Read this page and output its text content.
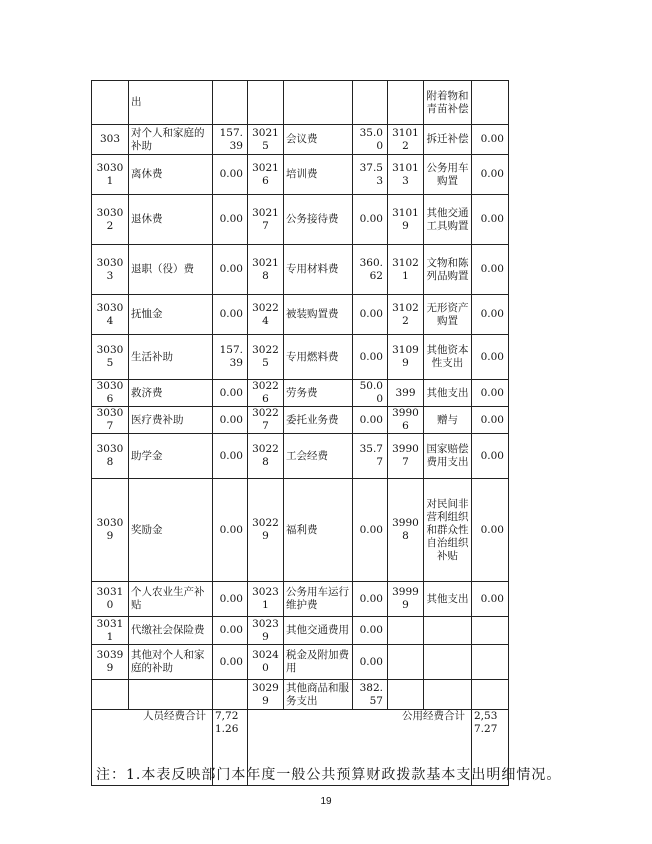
	出						附着物和青苗补偿	
303	对个人和家庭的补助	157.39	30215	会议费	35.00	31012	拆迁补偿	0.00
30301	离休费	0.00	30216	培训费	37.53	31013	公务用车购置	0.00
30302	退休费	0.00	30217	公务接待费	0.00	31019	其他交通工具购置	0.00
30303	退职（役）费	0.00	30218	专用材料费	360.62	31021	文物和陈列品购置	0.00
30304	抚恤金	0.00	30224	被装购置费	0.00	31022	无形资产购置	0.00
30305	生活补助	157.39	30225	专用燃料费	0.00	31099	其他资本性支出	0.00
30306	救济费	0.00	30226	劳务费	50.00	399	其他支出	0.00
30307	医疗费补助	0.00	30227	委托业务费	0.00	39906	赠与	0.00
30308	助学金	0.00	30228	工会经费	35.77	39907	国家赔偿费用支出	0.00
30309	奖励金	0.00	30229	福利费	0.00	39908	对民间非营利组织和群众性自治组织补贴	0.00
30310	个人农业生产补贴	0.00	30231	公务用车运行维护费	0.00	39999	其他支出	0.00
30311	代缴社会保险费	0.00	30239	其他交通费用	0.00			
30399	其他对个人和家庭的补助	0.00	30240	税金及附加费用	0.00			
			30299	其他商品和服务支出	382.57			
人员经费合计		7,721.26	公用经费合计					2,537.27
注：1.本表反映部门本年度一般公共预算财政拨款基本支出明细情况。
19
